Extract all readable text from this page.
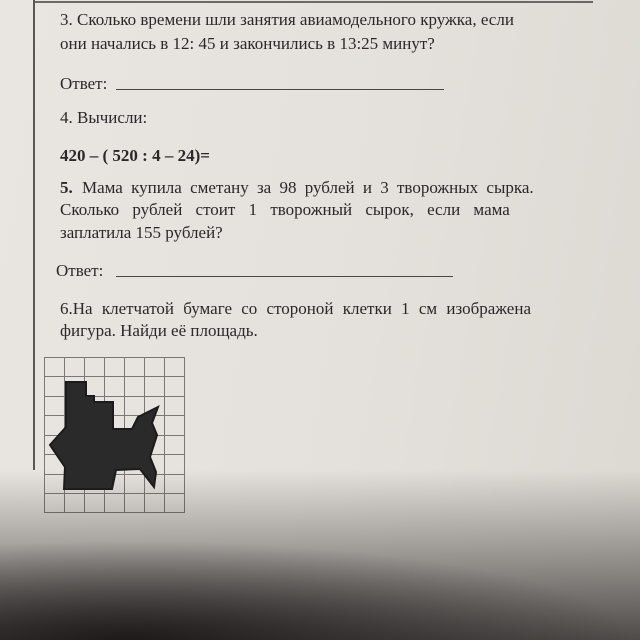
3. Сколько времени шли занятия авиамодельного кружка, если
они начались в 12: 45 и закончились в 13:25 минут?
Ответ:
4. Вычисли:
420 – ( 520 : 4 – 24)=
5. Мама купила сметану за 98 рублей и 3 творожных сырка.
Сколько рублей стоит 1 творожный сырок, если мама
заплатила 155 рублей?
Ответ:
6.На клетчатой бумаге со стороной клетки 1 см изображена
фигура. Найди её площадь.
